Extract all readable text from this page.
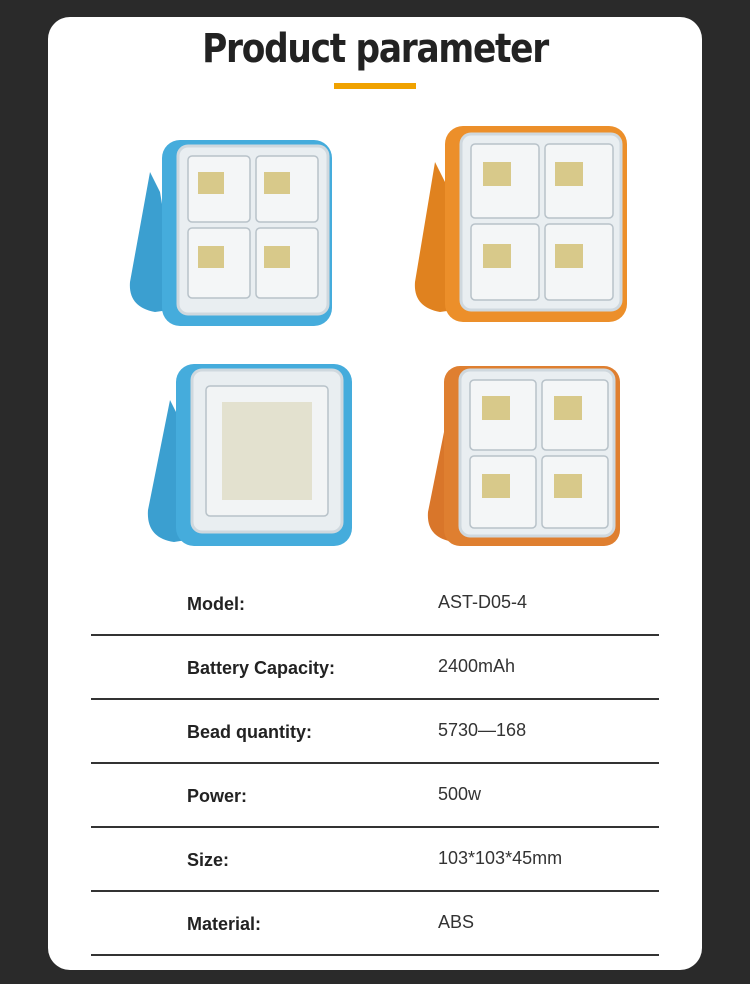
Product parameter
Model:	AST-D05-4
Battery Capacity:	2400mAh
Bead quantity:	5730—168
Power:	500w
Size:	103*103*45mm
Material:	ABS
